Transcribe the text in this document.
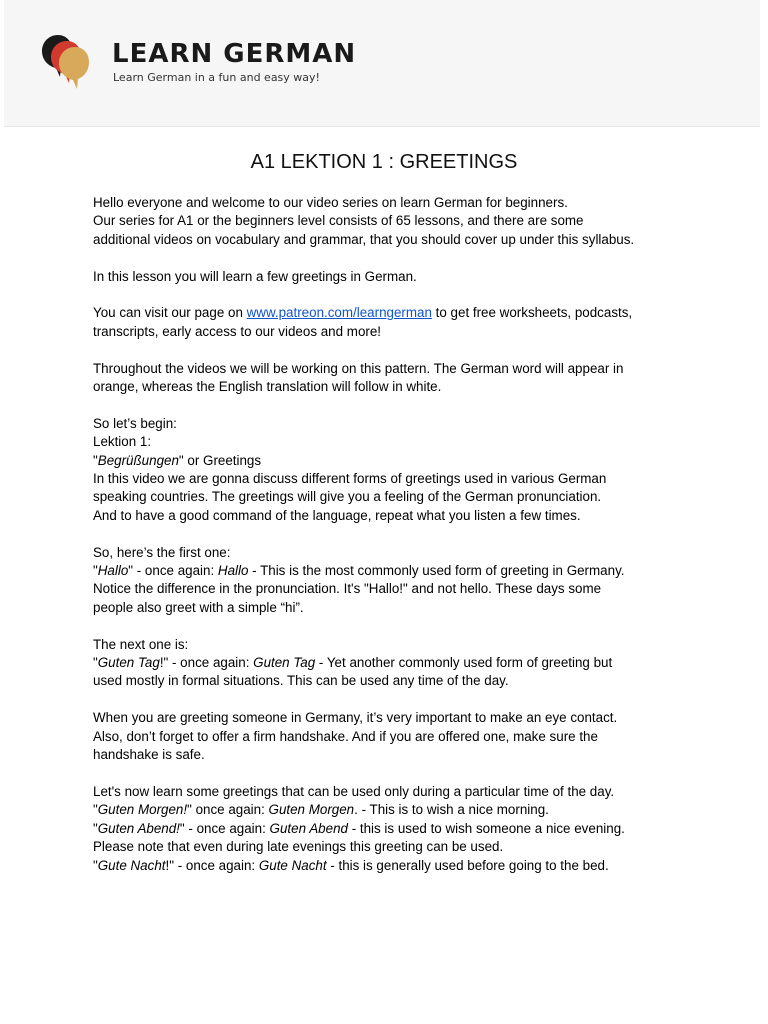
LEARN GERMAN
Learn German in a fun and easy way!
A1 LEKTION 1 : GREETINGS

Hello everyone and welcome to our video series on learn German for beginners.
Our series for A1 or the beginners level consists of 65 lessons, and there are some
additional videos on vocabulary and grammar, that you should cover up under this syllabus.

In this lesson you will learn a few greetings in German.

You can visit our page on www.patreon.com/learngerman to get free worksheets, podcasts,
transcripts, early access to our videos and more!

Throughout the videos we will be working on this pattern. The German word will appear in
orange, whereas the English translation will follow in white.

So let’s begin:
Lektion 1:
"Begrüßungen" or Greetings
In this video we are gonna discuss different forms of greetings used in various German
speaking countries. The greetings will give you a feeling of the German pronunciation.
And to have a good command of the language, repeat what you listen a few times.

So, here’s the first one:
"Hallo" - once again: Hallo - This is the most commonly used form of greeting in Germany.
Notice the difference in the pronunciation. It's "Hallo!" and not hello. These days some
people also greet with a simple “hi”.

The next one is:
"Guten Tag!" - once again: Guten Tag - Yet another commonly used form of greeting but
used mostly in formal situations. This can be used any time of the day.

When you are greeting someone in Germany, it’s very important to make an eye contact.
Also, don’t forget to offer a firm handshake. And if you are offered one, make sure the
handshake is safe.

Let's now learn some greetings that can be used only during a particular time of the day.
"Guten Morgen!" once again: Guten Morgen. - This is to wish a nice morning.
"Guten Abend!" - once again: Guten Abend - this is used to wish someone a nice evening.
Please note that even during late evenings this greeting can be used.
"Gute Nacht!" - once again: Gute Nacht - this is generally used before going to the bed.
